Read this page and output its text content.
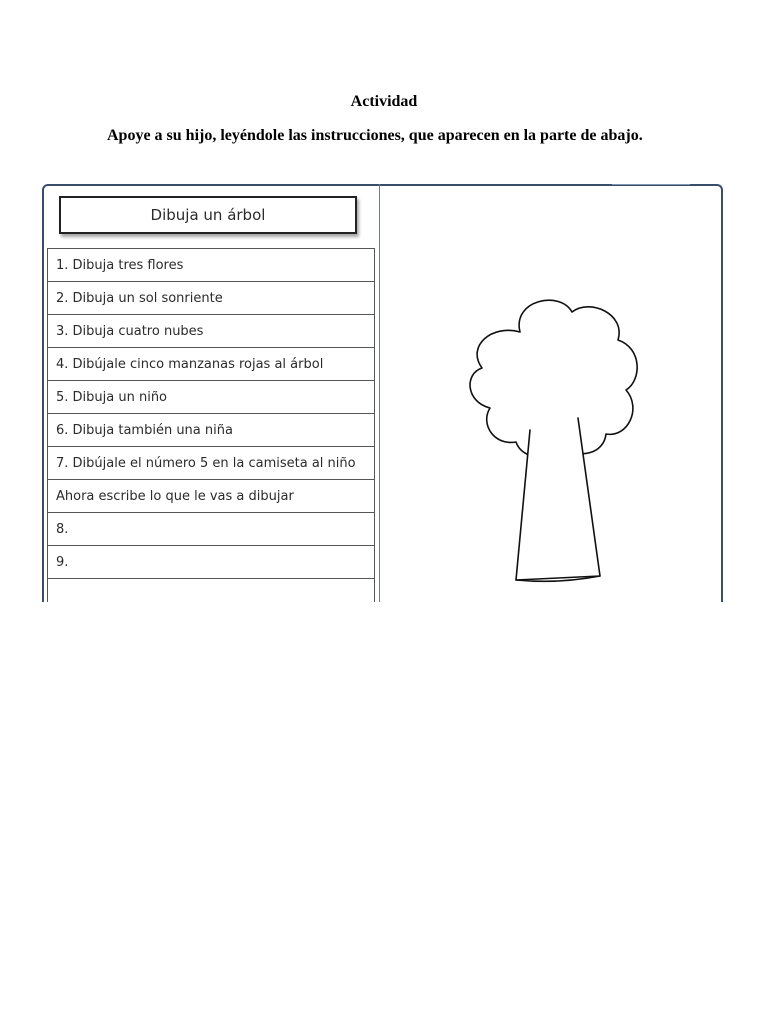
Actividad
Apoye a su hijo, leyéndole las instrucciones, que aparecen en la parte de abajo.
Dibuja un árbol
1. Dibuja tres flores
2. Dibuja un sol sonriente
3. Dibuja cuatro nubes
4. Dibújale cinco manzanas rojas al árbol
5. Dibuja un niño
6. Dibuja también una niña
7. Dibújale el número 5 en la camiseta al niño
Ahora escribe lo que le vas a dibujar
8.
9.
